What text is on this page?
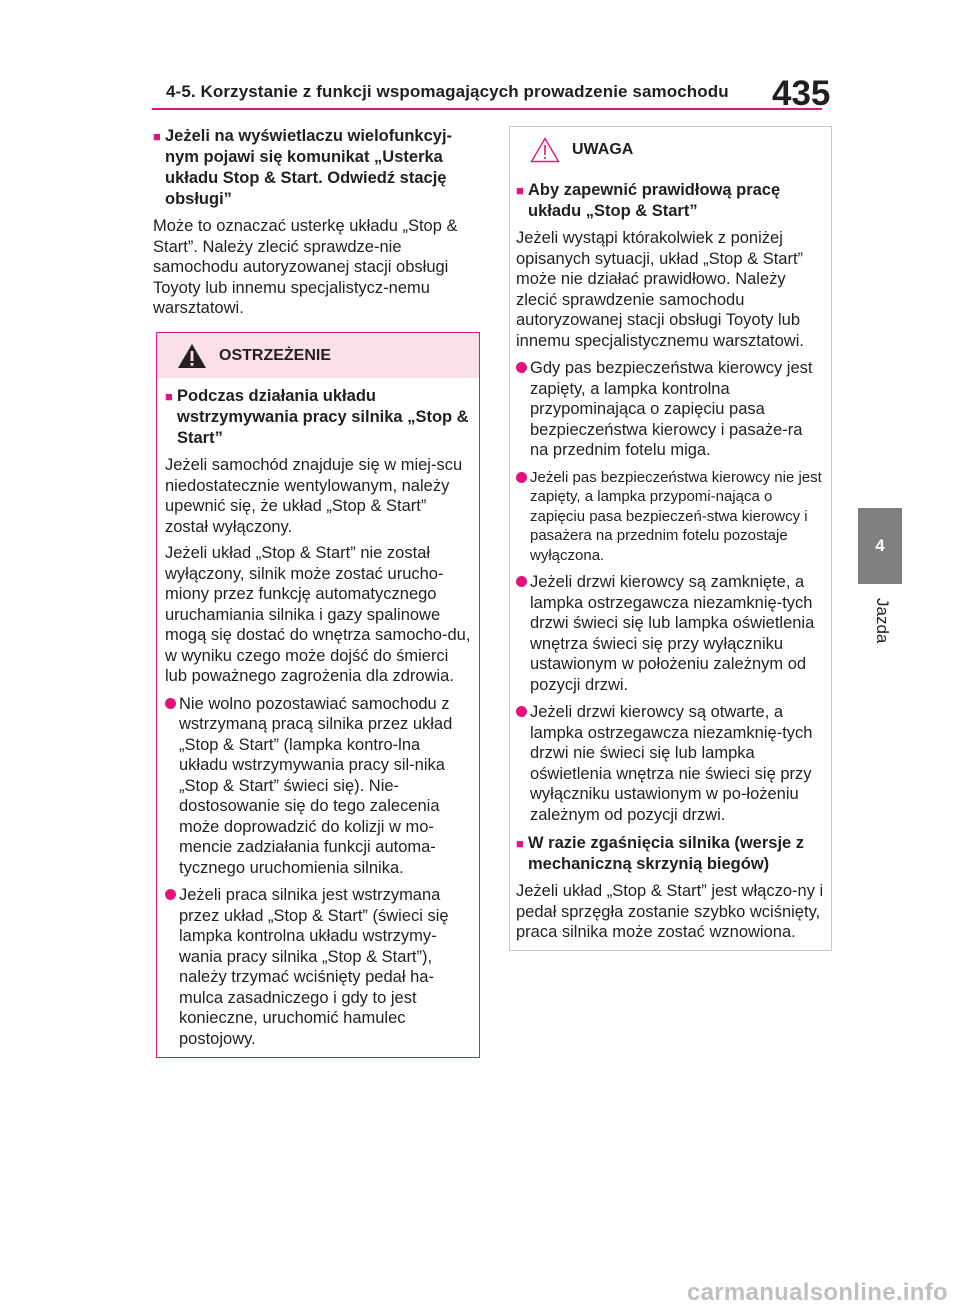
4-5. Korzystanie z funkcji wspomagających prowadzenie samochodu 435
4
Jazda
■ Jeżeli na wyświetlaczu wielofunkcyj-nym pojawi się komunikat „Usterka układu Stop & Start. Odwiedź stację obsługi”

Może to oznaczać usterkę układu „Stop & Start”. Należy zlecić sprawdze-nie samochodu autoryzowanej stacji obsługi Toyoty lub innemu specjalistycz-nemu warsztatowi.

OSTRZEŻENIE
■ Podczas działania układu wstrzymywania pracy silnika „Stop & Start”

Jeżeli samochód znajduje się w miej-scu niedostatecznie wentylowanym, należy upewnić się, że układ „Stop & Start” został wyłączony.

Jeżeli układ „Stop & Start” nie został wyłączony, silnik może zostać urucho-miony przez funkcję automatycznego uruchamiania silnika i gazy spalinowe mogą się dostać do wnętrza samocho-du, w wyniku czego może dojść do śmierci lub poważnego zagrożenia dla zdrowia.

Nie wolno pozostawiać samochodu z wstrzymaną pracą silnika przez układ „Stop & Start” (lampka kontro-lna układu wstrzymywania pracy sil-nika „Stop & Start” świeci się). Nie-dostosowanie się do tego zalecenia może doprowadzić do kolizji w mo-mencie zadziałania funkcji automa-tycznego uruchomienia silnika.
Jeżeli praca silnika jest wstrzymana przez układ „Stop & Start” (świeci się lampka kontrolna układu wstrzymy-wania pracy silnika „Stop & Start”), należy trzymać wciśnięty pedał ha-mulca zasadniczego i gdy to jest konieczne, uruchomić hamulec postojowy.
UWAGA
■ Aby zapewnić prawidłową pracę układu „Stop & Start”

Jeżeli wystąpi którakolwiek z poniżej opisanych sytuacji, układ „Stop & Start” może nie działać prawidłowo. Należy zlecić sprawdzenie samochodu autoryzowanej stacji obsługi Toyoty lub innemu specjalistycznemu warsztatowi.

Gdy pas bezpieczeństwa kierowcy jest zapięty, a lampka kontrolna przypominająca o zapięciu pasa bezpieczeństwa kierowcy i pasaże-ra na przednim fotelu miga.
Jeżeli pas bezpieczeństwa kierowcy nie jest zapięty, a lampka przypomi-nająca o zapięciu pasa bezpieczeń-stwa kierowcy i pasażera na przednim fotelu pozostaje wyłączona.
Jeżeli drzwi kierowcy są zamknięte, a lampka ostrzegawcza niezamknię-tych drzwi świeci się lub lampka oświetlenia wnętrza świeci się przy wyłączniku ustawionym w położeniu zależnym od pozycji drzwi.
Jeżeli drzwi kierowcy są otwarte, a lampka ostrzegawcza niezamknię-tych drzwi nie świeci się lub lampka oświetlenia wnętrza nie świeci się przy wyłączniku ustawionym w po-łożeniu zależnym od pozycji drzwi.
■ W razie zgaśnięcia silnika (wersje z mechaniczną skrzynią biegów)

Jeżeli układ „Stop & Start” jest włączo-ny i pedał sprzęgła zostanie szybko wciśnięty, praca silnika może zostać wznowiona.

carmanualsonline.info
